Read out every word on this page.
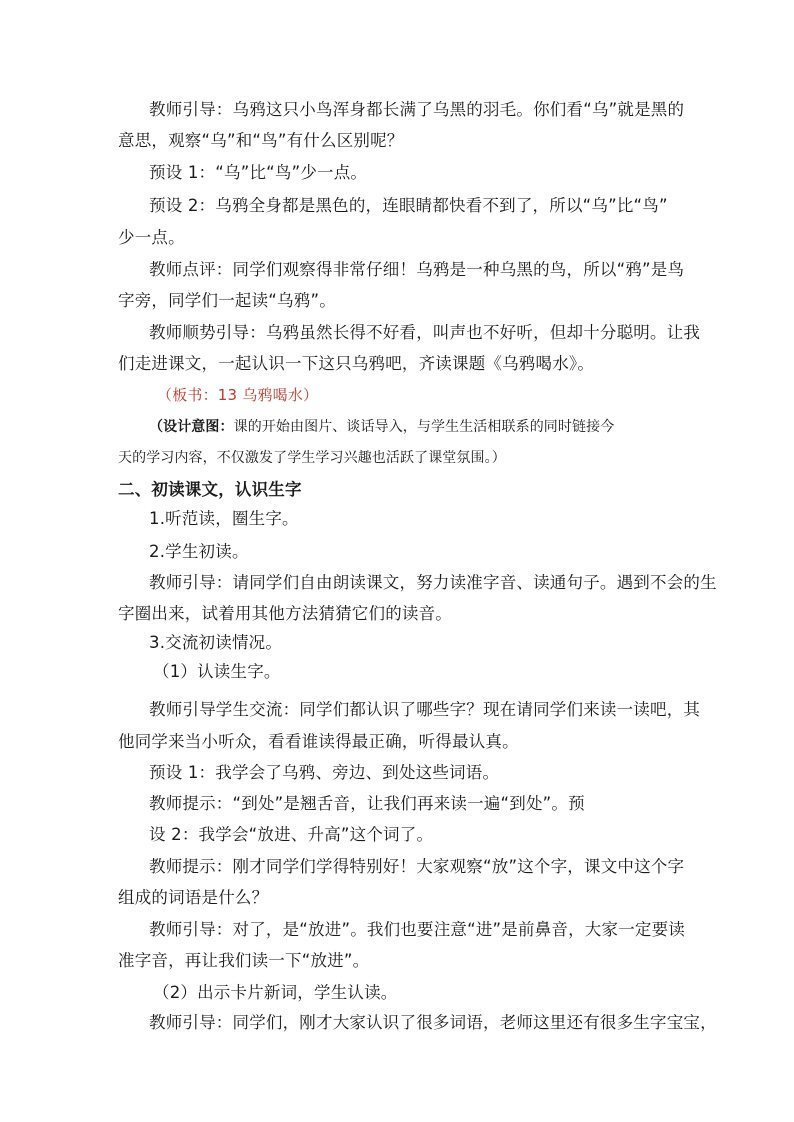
教师引导：乌鸦这只小鸟浑身都长满了乌黑的羽毛。你们看“乌”就是黑的
意思，观察“乌”和“鸟”有什么区别呢？
预设 1：“乌”比“鸟”少一点。
预设 2：乌鸦全身都是黑色的，连眼睛都快看不到了，所以“乌”比“鸟”
少一点。
教师点评：同学们观察得非常仔细！乌鸦是一种乌黑的鸟，所以“鸦”是鸟
字旁，同学们一起读“乌鸦”。
教师顺势引导：乌鸦虽然长得不好看，叫声也不好听，但却十分聪明。让我
们走进课文，一起认识一下这只乌鸦吧，齐读课题《乌鸦喝水》。
（板书：13 乌鸦喝水）
（设计意图：课的开始由图片、谈话导入，与学生生活相联系的同时链接今
天的学习内容，不仅激发了学生学习兴趣也活跃了课堂氛围。）
二、初读课文，认识生字
1.听范读，圈生字。
2.学生初读。
教师引导：请同学们自由朗读课文，努力读准字音、读通句子。遇到不会的生
字圈出来，试着用其他方法猜猜它们的读音。
3.交流初读情况。
（1）认读生字。
教师引导学生交流：同学们都认识了哪些字？现在请同学们来读一读吧，其
他同学来当小听众，看看谁读得最正确，听得最认真。
预设 1：我学会了乌鸦、旁边、到处这些词语。
教师提示：“到处”是翘舌音，让我们再来读一遍“到处”。预
设 2：我学会“放进、升高”这个词了。
教师提示：刚才同学们学得特别好！大家观察“放”这个字，课文中这个字
组成的词语是什么？
教师引导：对了，是“放进”。我们也要注意“进”是前鼻音，大家一定要读
准字音，再让我们读一下“放进”。
（2）出示卡片新词，学生认读。
教师引导：同学们，刚才大家认识了很多词语，老师这里还有很多生字宝宝，
